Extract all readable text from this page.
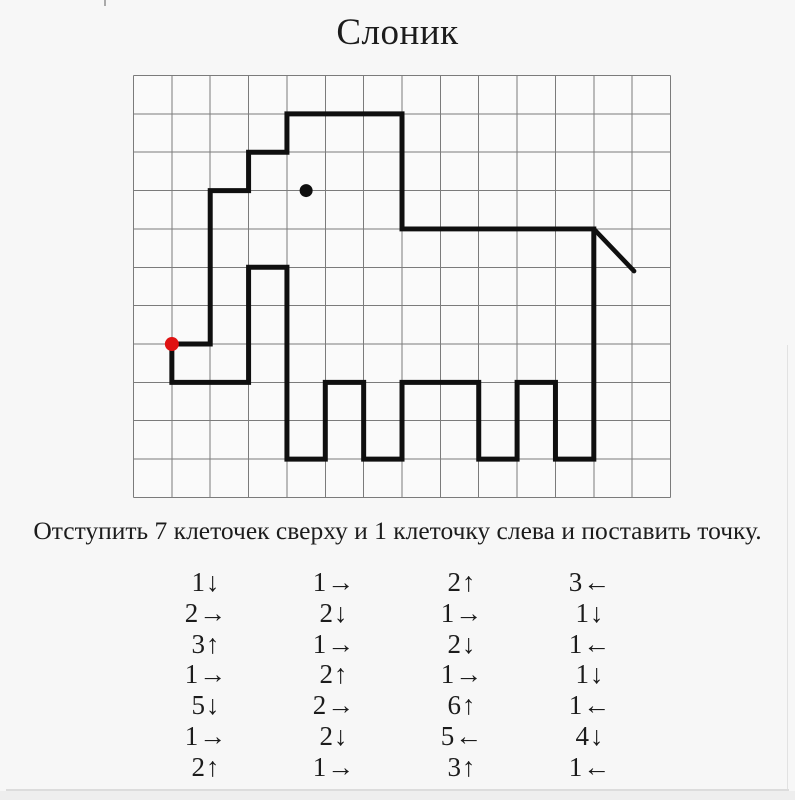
Слоник
Отступить 7 клеточек сверху и 1 клеточку слева и поставить точку.
1↓	1→	2↑	3←
2→	2↓	1→	1↓
3↑	1→	2↓	1←
1→	2↑	1→	1↓
5↓	2→	6↑	1←
1→	2↓	5←	4↓
2↑	1→	3↑	1←
